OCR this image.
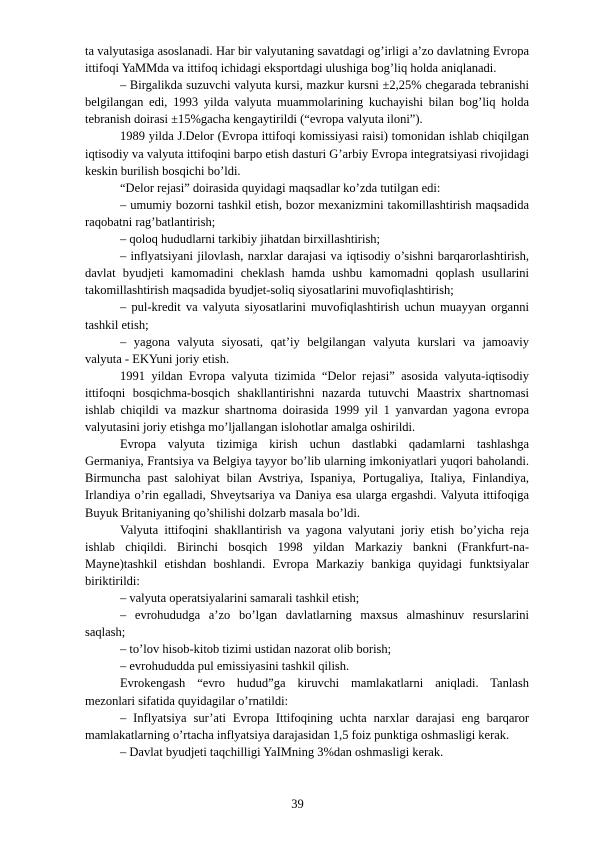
ta valyutasiga asoslanadi. Har bir valyutaning savatdagi og’irligi a’zo davlatning Evropa ittifoqi YaMMda va ittifoq ichidagi eksportdagi ulushiga bog’liq holda aniqlanadi.

– Birgalikda suzuvchi valyuta kursi, mazkur kursni ±2,25% chegarada tebranishi belgilangan edi, 1993 yilda valyuta muammolarining kuchayishi bilan bog’liq holda tebranish doirasi ±15%gacha kengaytirildi (“evropa valyuta iloni”).

1989 yilda J.Delor (Evropa ittifoqi komissiyasi raisi) tomonidan ishlab chiqilgan iqtisodiy va valyuta ittifoqini barpo etish dasturi G’arbiy Evropa integratsiyasi rivojidagi keskin burilish bosqichi bo’ldi.

“Delor rejasi” doirasida quyidagi maqsadlar ko’zda tutilgan edi:

– umumiy bozorni tashkil etish, bozor mexanizmini takomillashtirish maqsadida raqobatni rag’batlantirish;

– qoloq hududlarni tarkibiy jihatdan birxillashtirish;

– inflyatsiyani jilovlash, narxlar darajasi va iqtisodiy o’sishni barqarorlashtirish, davlat byudjeti kamomadini cheklash hamda ushbu kamomadni qoplash usullarini takomillashtirish maqsadida byudjet-soliq siyosatlarini muvofiqlashtirish;

– pul-kredit va valyuta siyosatlarini muvofiqlashtirish uchun muayyan organni tashkil etish;

– yagona valyuta siyosati, qat’iy belgilangan valyuta kurslari va jamoaviy valyuta - EKYuni joriy etish.

1991 yildan Evropa valyuta tizimida “Delor rejasi” asosida valyuta-iqtisodiy ittifoqni bosqichma-bosqich shakllantirishni nazarda tutuvchi Maastrix shartnomasi ishlab chiqildi va mazkur shartnoma doirasida 1999 yil 1 yanvardan yagona evropa valyutasini joriy etishga mo’ljallangan islohotlar amalga oshirildi.

Evropa valyuta tizimiga kirish uchun dastlabki qadamlarni tashlashga Germaniya, Frantsiya va Belgiya tayyor bo’lib ularning imkoniyatlari yuqori baholandi. Birmuncha past salohiyat bilan Avstriya, Ispaniya, Portugaliya, Italiya, Finlandiya, Irlandiya o’rin egalladi, Shveytsariya va Daniya esa ularga ergashdi. Valyuta ittifoqiga Buyuk Britaniyaning qo’shilishi dolzarb masala bo’ldi.

Valyuta ittifoqini shakllantirish va yagona valyutani joriy etish bo’yicha reja ishlab chiqildi. Birinchi bosqich 1998 yildan Markaziy bankni (Frankfurt-na-Mayne)tashkil etishdan boshlandi. Evropa Markaziy bankiga quyidagi funktsiyalar biriktirildi:

– valyuta operatsiyalarini samarali tashkil etish;

– evrohududga a’zo bo’lgan davlatlarning maxsus almashinuv resurslarini saqlash;

– to’lov hisob-kitob tizimi ustidan nazorat olib borish;

– evrohududda pul emissiyasini tashkil qilish.

Evrokengash “evro hudud”ga kiruvchi mamlakatlarni aniqladi. Tanlash mezonlari sifatida quyidagilar o’rnatildi:

– Inflyatsiya sur’ati Evropa Ittifoqining uchta narxlar darajasi eng barqaror mamlakatlarning o’rtacha inflyatsiya darajasidan 1,5 foiz punktiga oshmasligi kerak.

– Davlat byudjeti taqchilligi YaIMning 3%dan oshmasligi kerak.

39
